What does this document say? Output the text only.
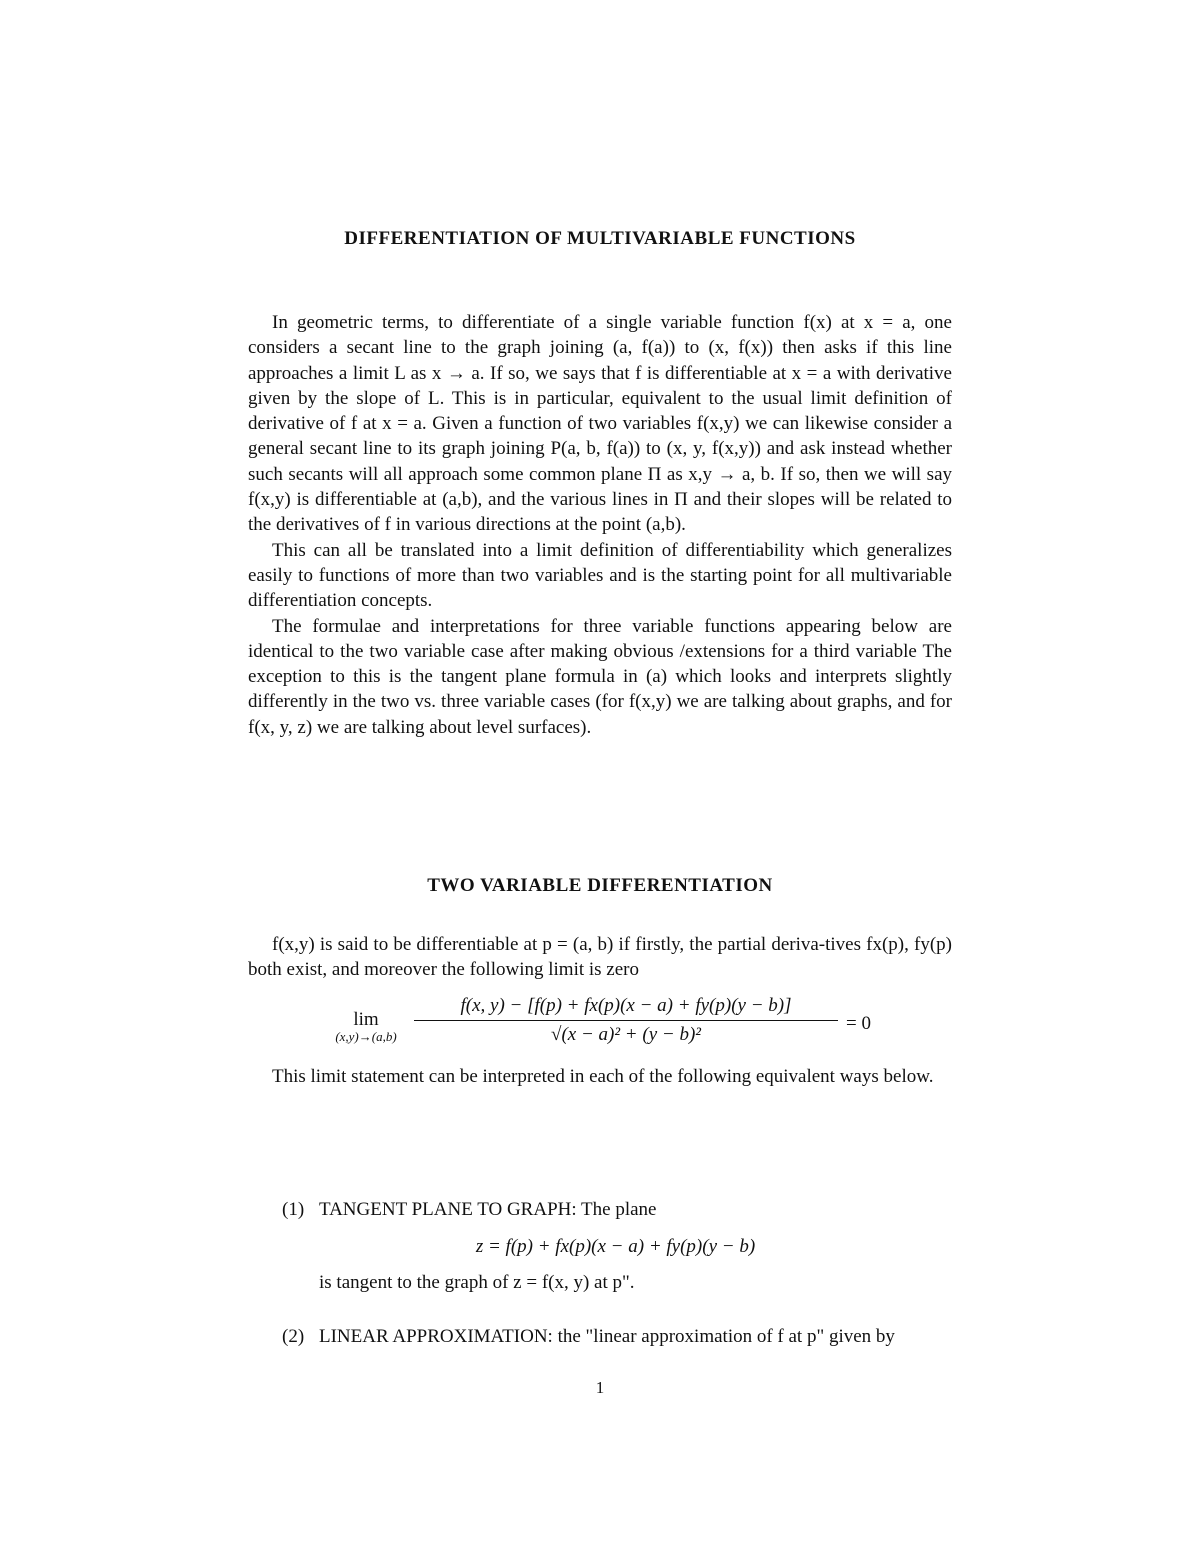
DIFFERENTIATION OF MULTIVARIABLE FUNCTIONS

In geometric terms, to differentiate of a single variable function f(x) at x = a, one considers a secant line to the graph joining (a, f(a)) to (x, f(x)) then asks if this line approaches a limit L as x → a. If so, we says that f is differentiable at x = a with derivative given by the slope of L. This is in particular, equivalent to the usual limit definition of derivative of f at x = a. Given a function of two variables f(x,y) we can likewise consider a general secant line to its graph joining P(a, b, f(a)) to (x, y, f(x,y)) and ask instead whether such secants will all approach some common plane Π as x,y → a, b. If so, then we will say f(x,y) is differentiable at (a,b), and the various lines in Π and their slopes will be related to the derivatives of f in various directions at the point (a,b).

This can all be translated into a limit definition of differentiability which generalizes easily to functions of more than two variables and is the starting point for all multivariable differentiation concepts.

The formulae and interpretations for three variable functions appearing below are identical to the two variable case after making obvious /extensions for a third variable The exception to this is the tangent plane formula in (a) which looks and interprets slightly differently in the two vs. three variable cases (for f(x,y) we are talking about graphs, and for f(x, y, z) we are talking about level surfaces).

TWO VARIABLE DIFFERENTIATION

f(x,y) is said to be differentiable at p = (a, b) if firstly, the partial deriva-tives fx(p), fy(p) both exist, and moreover the following limit is zero

lim
$(x,y)\to(a,b) \frac{f(x, y) - [f(p) + fx(p)(x - a) + fy(p)(y - b)]}{\text{√(x − a)² + (y − b)²}} = 0$

This limit statement can be interpreted in each of the following equivalent ways below.

(1) TANGENT PLANE TO GRAPH: The plane
z = f(p) + fx(p)(x − a) + fy(p)(y − b)
is tangent to the graph of z = f(x, y) at p".
(2) LINEAR APPROXIMATION: the "linear approximation of f at p" given by
1
